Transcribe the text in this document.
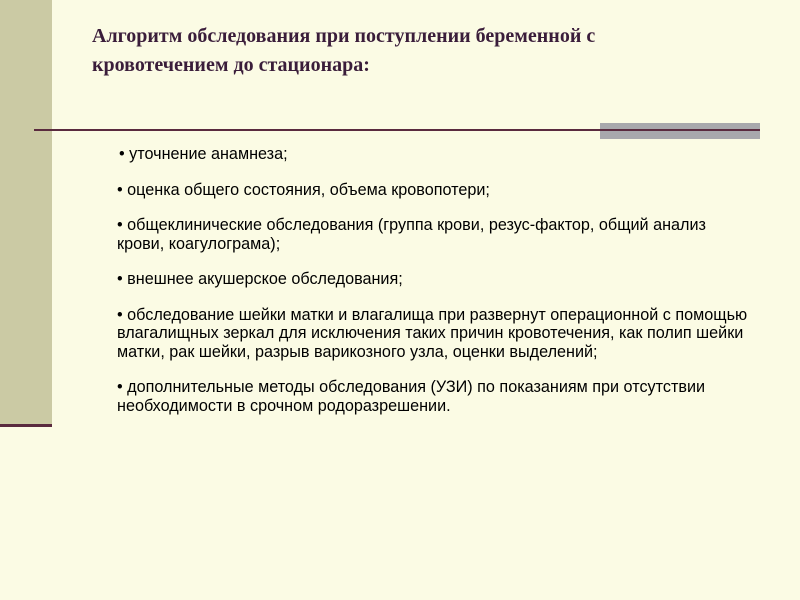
Алгоритм обследования при поступлении беременной с кровотечением до стационара:

• уточнение анамнеза;

• оценка общего состояния, объема кровопотери;

• общеклинические обследования (группа крови, резус-фактор, общий анализ крови, коагулограма);

• внешнее акушерское обследования;

• обследование шейки матки и влагалища при развернут операционной с помощью влагалищных зеркал для исключения таких причин кровотечения, как полип шейки матки, рак шейки, разрыв варикозного узла, оценки выделений;

• дополнительные методы обследования (УЗИ) по показаниям при отсутствии необходимости в срочном родоразрешении.
